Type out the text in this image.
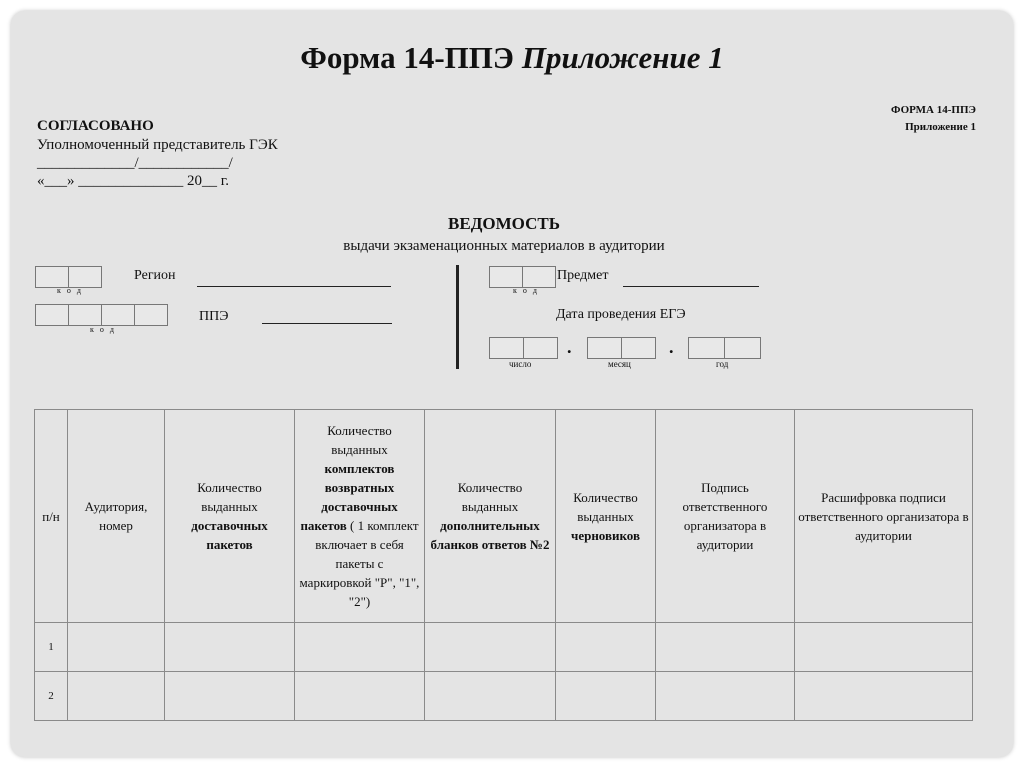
Форма 14-ППЭ Приложение 1
ФОРМА 14-ППЭ
Приложение 1
СОГЛАСОВАНО
Уполномоченный представитель ГЭК
_____________/____________/
«___» ______________ 20__ г.
ВЕДОМОСТЬ
выдачи экзаменационных материалов в аудитории
к о д
Регион
к о д
ППЭ
к о д
Предмет
Дата проведения ЕГЭ
.	.
число	месяц	год
п/н	Аудитория, номер	Количество выданных доставочных пакетов	Количество выданных комплектов возвратных доставочных пакетов ( 1 комплект включает в себя пакеты с маркировкой "Р", "1", "2")	Количество выданных дополнительных бланков ответов №2	Количество выданных черновиков	Подпись ответственного организатора в аудитории	Расшифровка подписи ответственного организатора в аудитории
1							
2							
